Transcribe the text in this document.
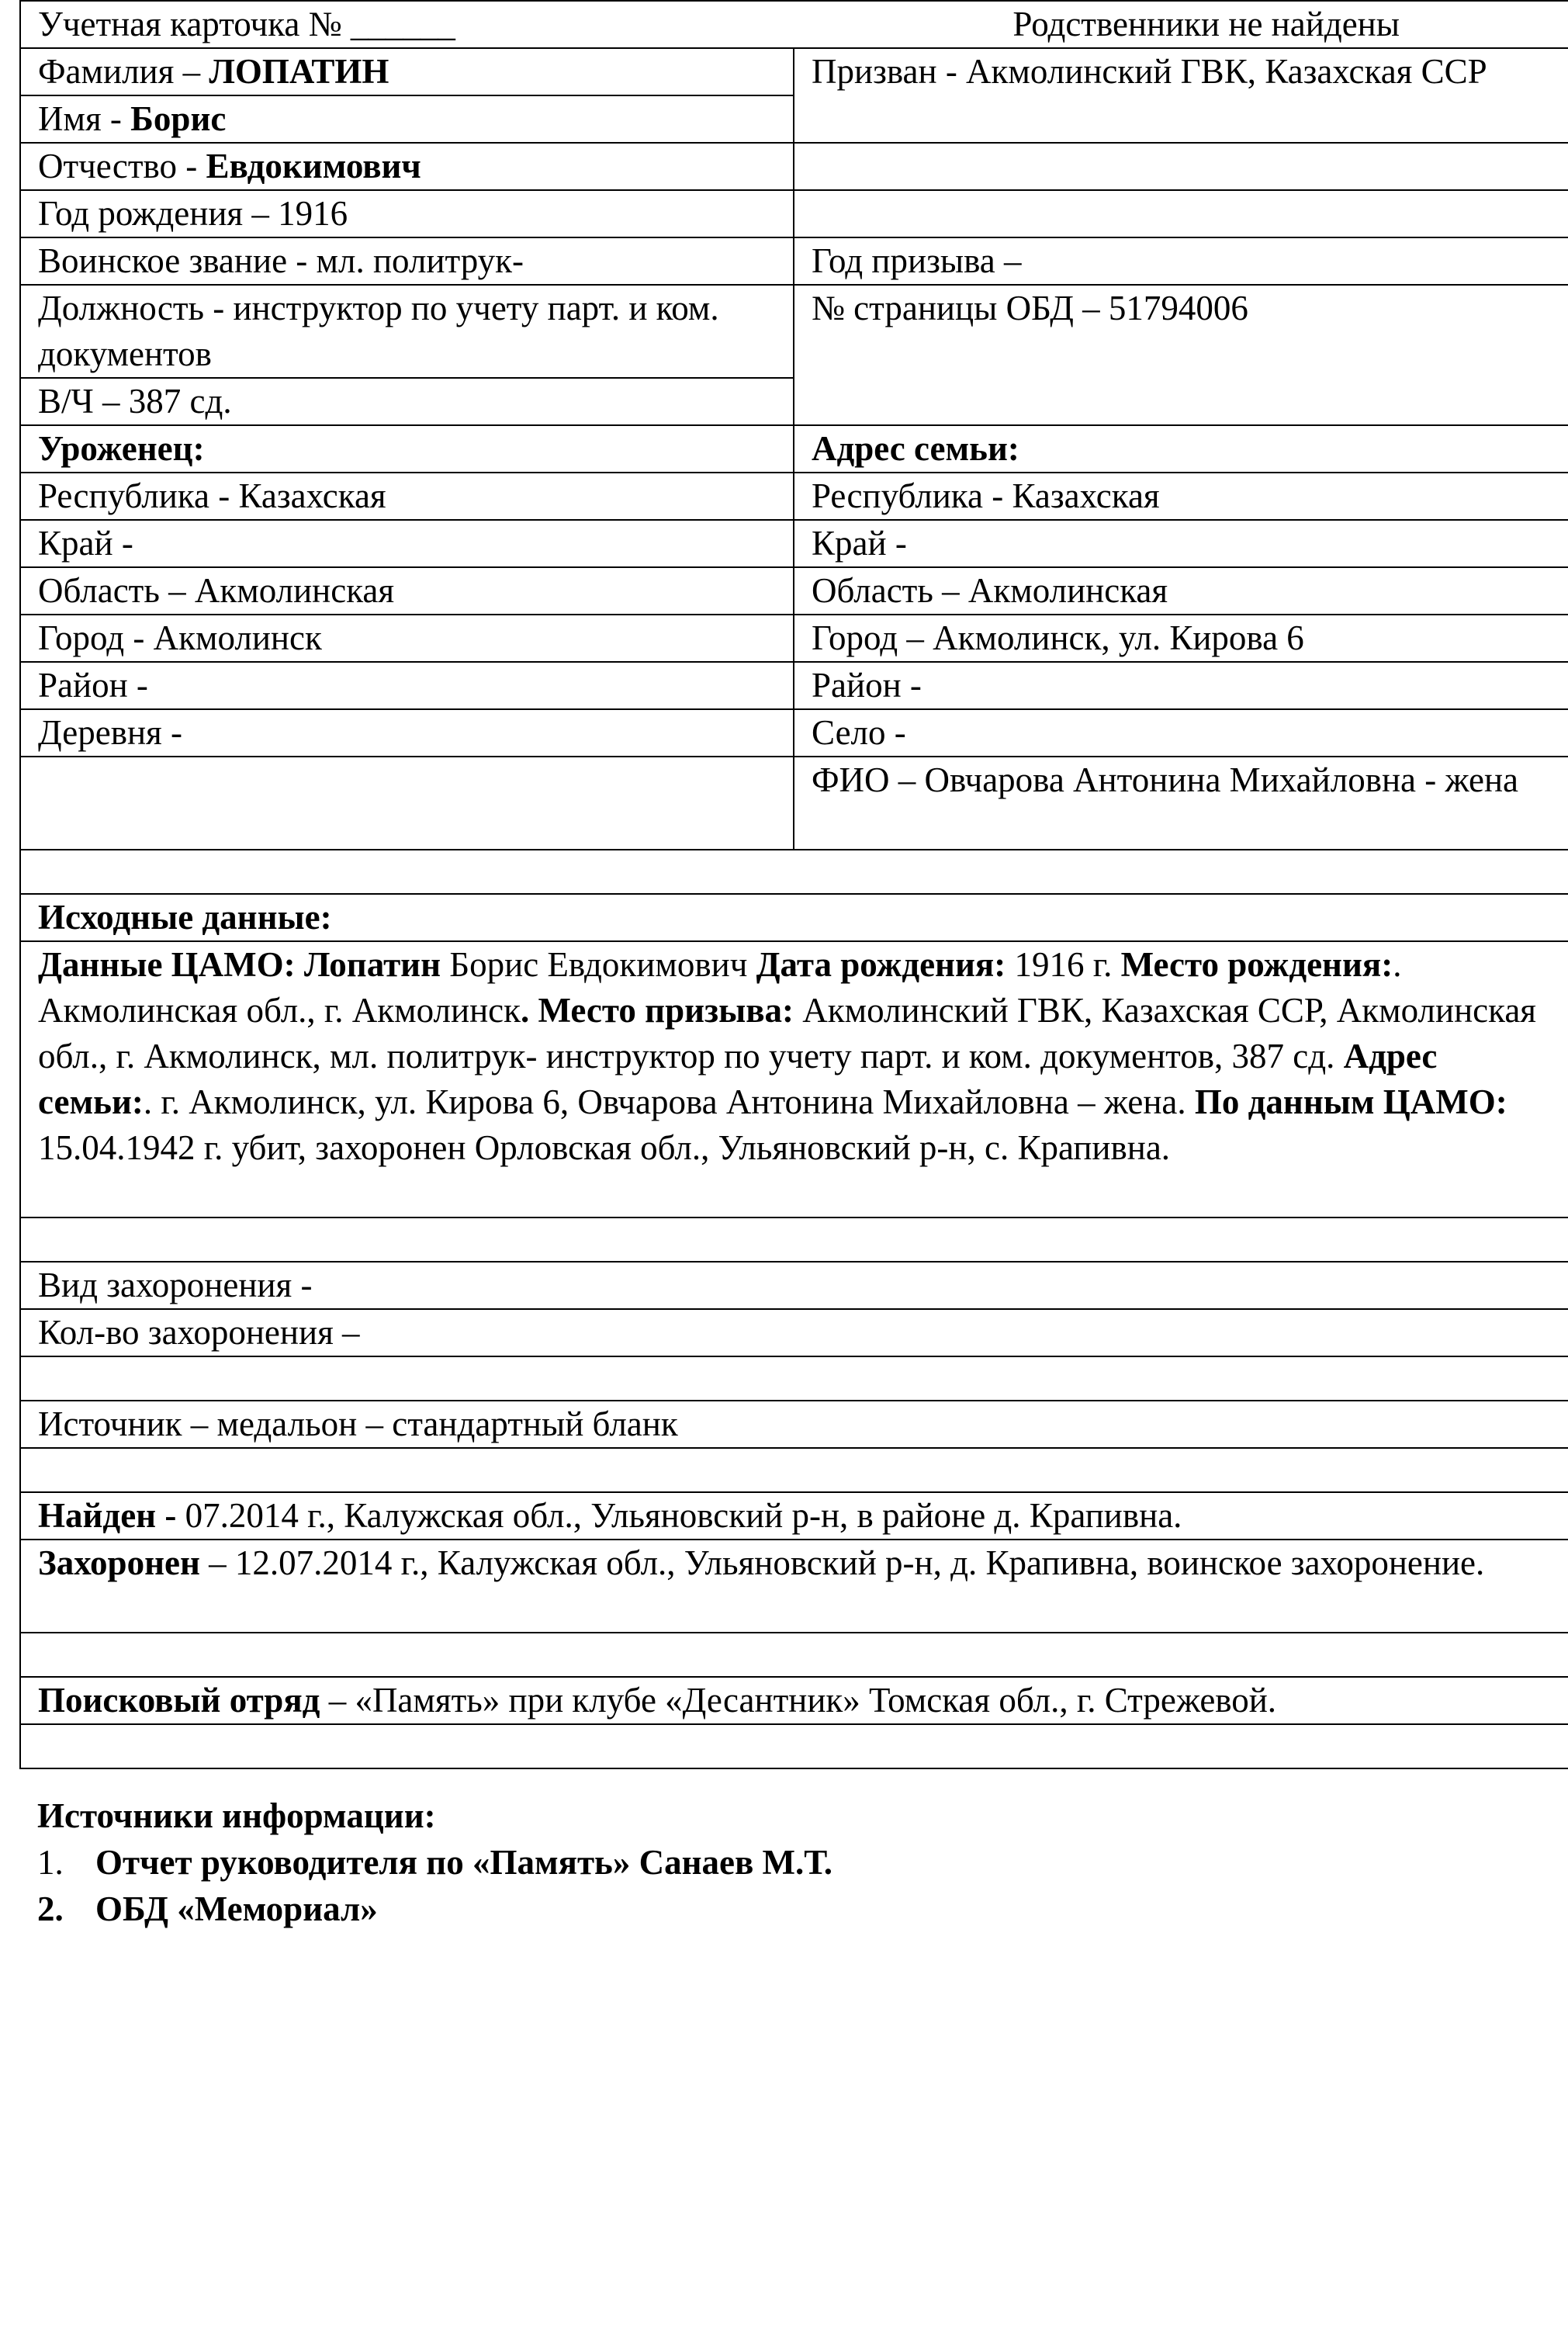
Учетная карточка № ______ Родственники не найдены	

Фамилия – ЛОПАТИН	Призван - Акмолинский ГВК, Казахская ССР
Имя - Борис	
Отчество - Евдокимович	
Год рождения – 1916	
Воинское звание - мл. политрук-	Год призыва –
Должность - инструктор по учету парт. и ком. документов	№ страницы ОБД – 51794006
В/Ч – 387 сд.	
Уроженец:	Адрес семьи:
Республика - Казахская	Республика - Казахская
Край -	Край -
Область – Акмолинская	Область – Акмолинская
Город - Акмолинск	Город – Акмолинск, ул. Кирова 6
Район -	Район -
Деревня -	Село -
	ФИО – Овчарова Антонина Михайловна - жена

Исходные данные:	
Данные ЦАМО: Лопатин Борис Евдокимович Дата рождения: 1916 г. Место рождения:. Акмолинская обл., г. Акмолинск. Место призыва: Акмолинский ГВК, Казахская ССР, Акмолинская обл., г. Акмолинск, мл. политрук- инструктор по учету парт. и ком. документов, 387 сд. Адрес семьи:. г. Акмолинск, ул. Кирова 6, Овчарова Антонина Михайловна – жена. По данным ЦАМО: 15.04.1942 г. убит, захоронен Орловская обл., Ульяновский р-н, с. Крапивна.	

Вид захоронения -	
Кол-во захоронения –	

Источник – медальон – стандартный бланк	

Найден - 07.2014 г., Калужская обл., Ульяновский р-н, в районе д. Крапивна.	
Захоронен – 12.07.2014 г., Калужская обл., Ульяновский р-н, д. Крапивна, воинское захоронение.	

Поисковый отряд – «Память» при клубе «Десантник» Томская обл., г. Стрежевой.	

Источники информации:
1. Отчет руководителя по «Память» Санаев М.Т.
2. ОБД «Мемориал»
